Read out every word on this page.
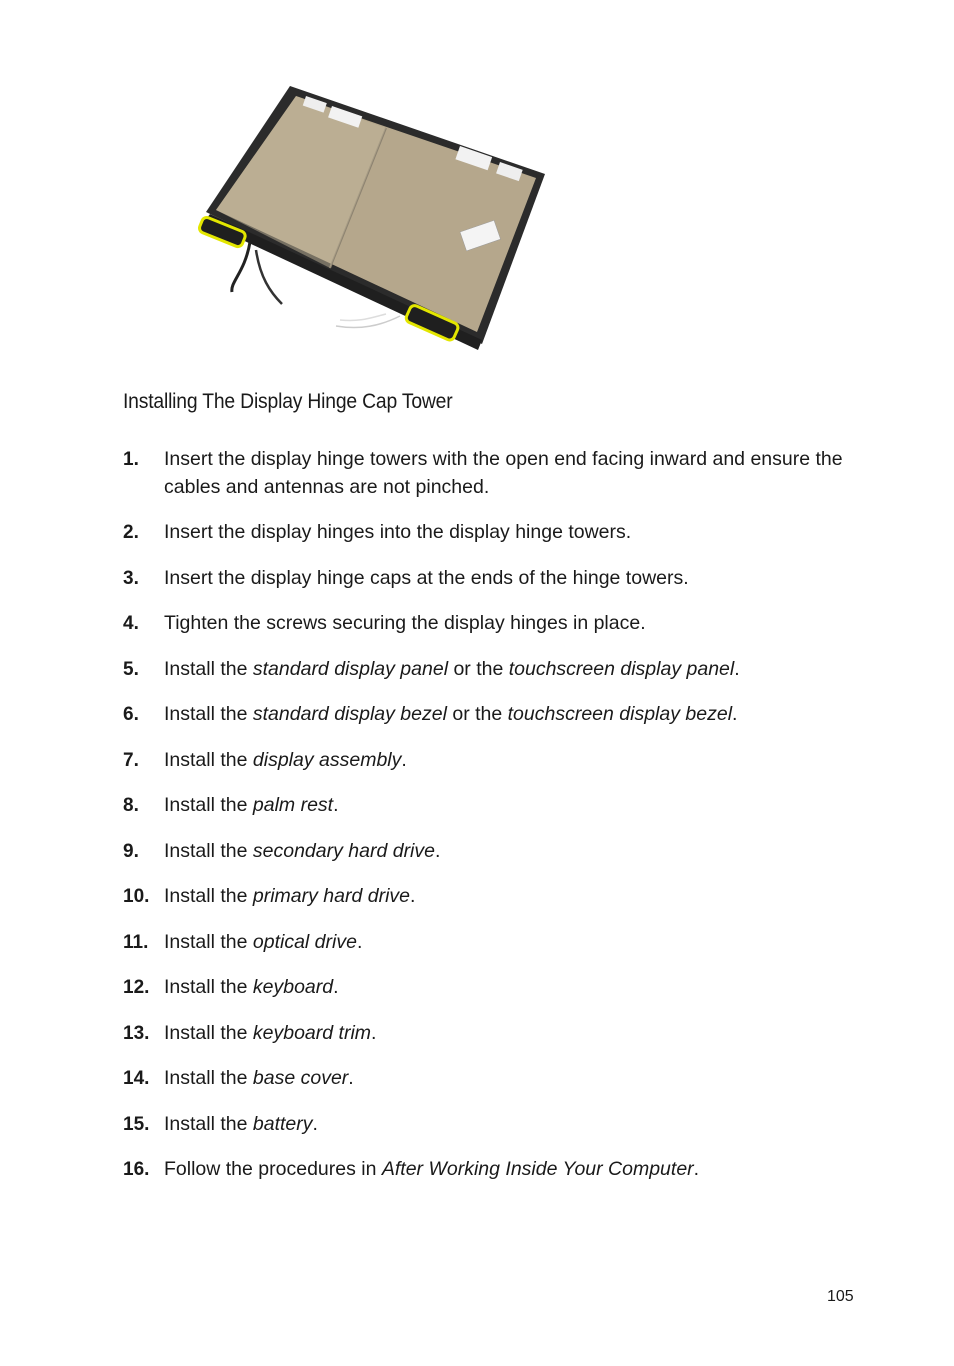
Installing The Display Hinge Cap Tower
1. Insert the display hinge towers with the open end facing inward and ensure the cables and antennas are not pinched.
2. Insert the display hinges into the display hinge towers.
3. Insert the display hinge caps at the ends of the hinge towers.
4. Tighten the screws securing the display hinges in place.
5. Install the standard display panel or the touchscreen display panel.
6. Install the standard display bezel or the touchscreen display bezel.
7. Install the display assembly.
8. Install the palm rest.
9. Install the secondary hard drive.
10. Install the primary hard drive.
11. Install the optical drive.
12. Install the keyboard.
13. Install the keyboard trim.
14. Install the base cover.
15. Install the battery.
16. Follow the procedures in After Working Inside Your Computer.
105
